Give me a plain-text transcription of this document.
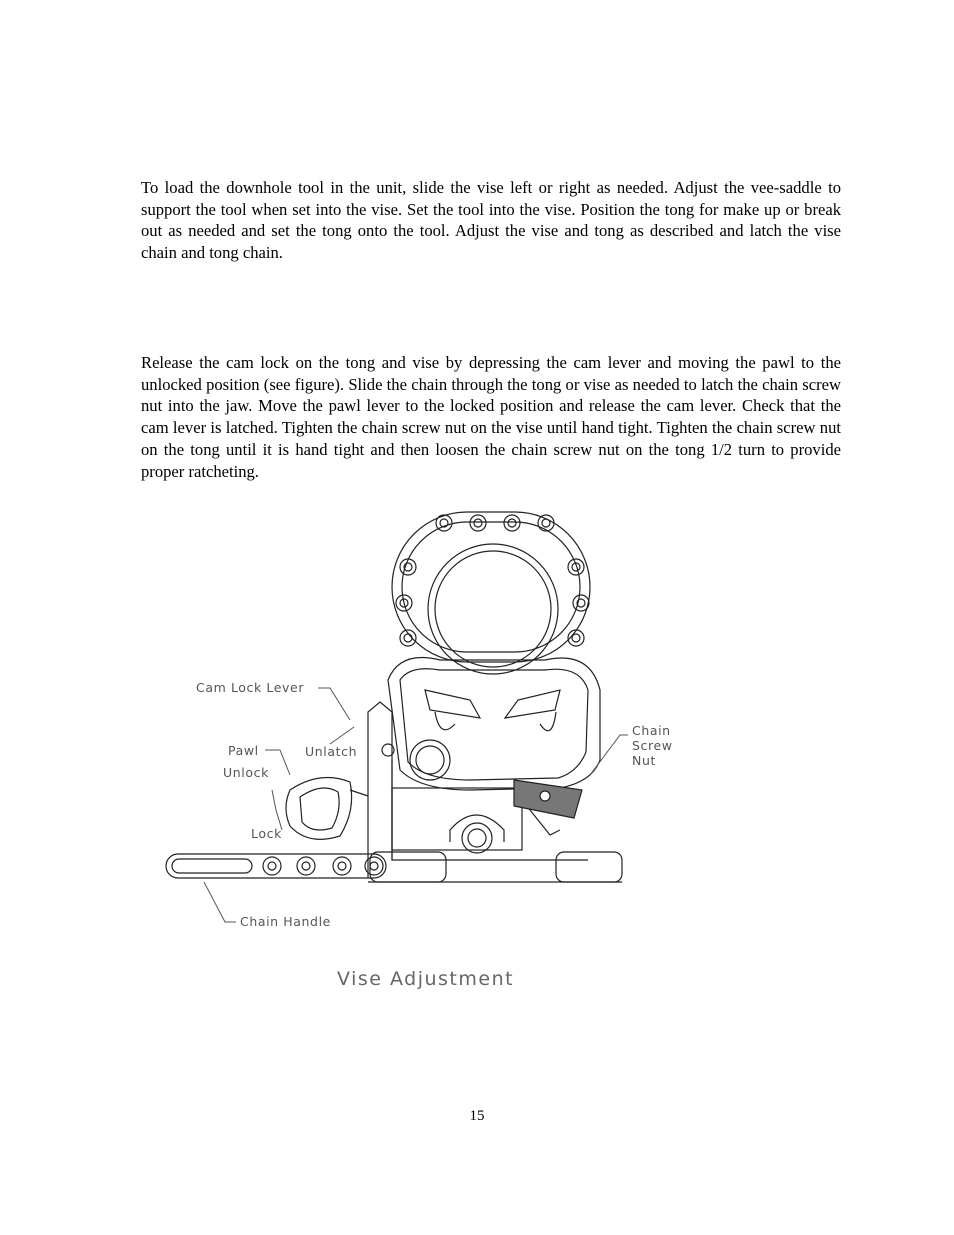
To load the downhole tool in the unit, slide the vise left or right as needed. Adjust the vee-saddle to support the tool when set into the vise. Set the tool into the vise. Position the tong for make up or break out as needed and set the tong onto the tool. Adjust the vise and tong as described and latch the vise chain and tong chain.

Release the cam lock on the tong and vise by depressing the cam lever and moving the pawl to the unlocked position (see figure). Slide the chain through the tong or vise as needed to latch the chain screw nut into the jaw. Move the pawl lever to the locked position and release the cam lever. Check that the cam lever is latched. Tighten the chain screw nut on the vise until hand tight. Tighten the chain screw nut on the tong until it is hand tight and then loosen the chain screw nut on the tong 1/2 turn to provide proper ratcheting.

Cam Lock Lever
Pawl	Unlatch
Unlock
Lock
Chain
Screw
Nut
Chain Handle
Vise Adjustment
15
